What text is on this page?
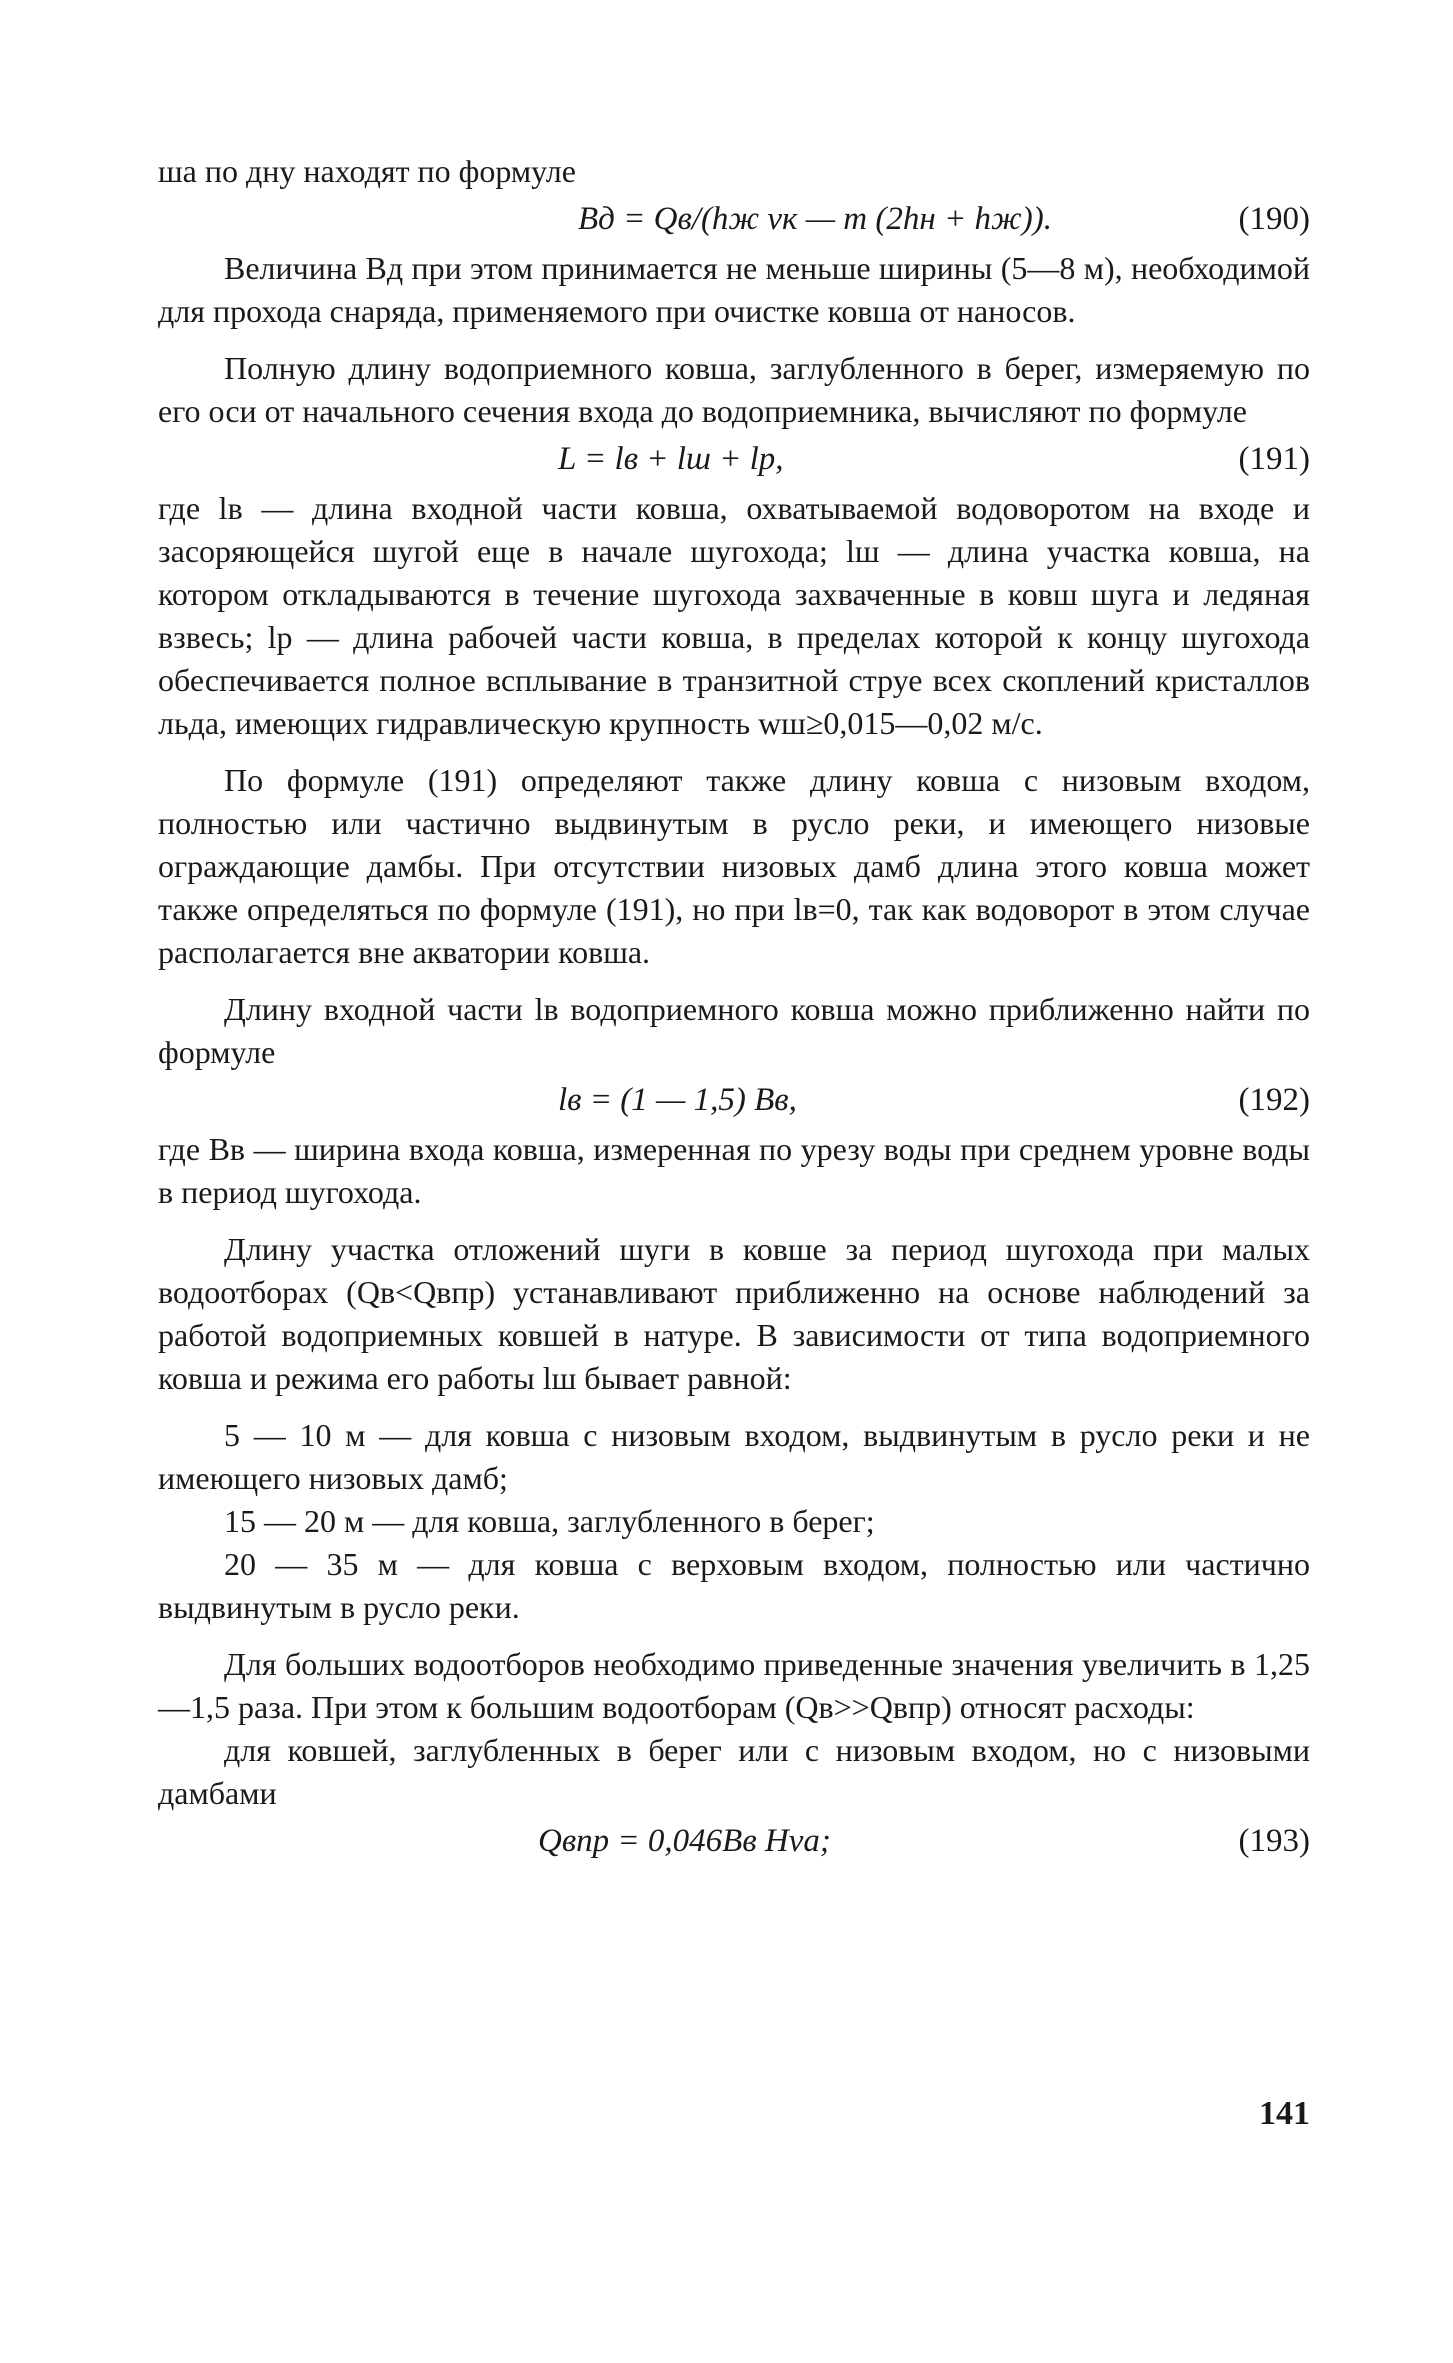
ша по дну находят по формуле

Bд = Qв/(hж vк — m (2hн + hж)).	(190)

Величина Bд при этом принимается не меньше ширины (5—8 м), необходимой для прохода снаряда, применяемого при очистке ковша от наносов.

Полную длину водоприемного ковша, заглубленного в берег, измеряемую по его оси от начального сечения входа до водоприемника, вычисляют по формуле

L = lв + lш + lр,	(191)

где lв — длина входной части ковша, охватываемой водоворотом на входе и засоряющейся шугой еще в начале шугохода; lш — длина участка ковша, на котором откладываются в течение шугохода захваченные в ковш шуга и ледяная взвесь; lр — длина рабочей части ковша, в пределах которой к концу шугохода обеспечивается полное всплывание в транзитной струе всех скоплений кристаллов льда, имеющих гидравлическую крупность wш≥0,015—0,02 м/с.

По формуле (191) определяют также длину ковша с низовым входом, полностью или частично выдвинутым в русло реки, и имеющего низовые ограждающие дамбы. При отсутствии низовых дамб длина этого ковша может также определяться по формуле (191), но при lв=0, так как водоворот в этом случае располагается вне акватории ковша.

Длину входной части lв водоприемного ковша можно приближенно найти по формуле

lв = (1 — 1,5) Bв,	(192)

где Bв — ширина входа ковша, измеренная по урезу воды при среднем уровне воды в период шугохода.

Длину участка отложений шуги в ковше за период шугохода при малых водоотборах (Qв<Qвпр) устанавливают приближенно на основе наблюдений за работой водоприемных ковшей в натуре. В зависимости от типа водоприемного ковша и режима его работы lш бывает равной:

5 — 10 м — для ковша с низовым входом, выдвинутым в русло реки и не имеющего низовых дамб;

15 — 20 м — для ковша, заглубленного в берег;

20 — 35 м — для ковша с верховым входом, полностью или частично выдвинутым в русло реки.

Для больших водоотборов необходимо приведенные значения увеличить в 1,25—1,5 раза. При этом к большим водоотборам (Qв>>Qвпр) относят расходы:

для ковшей, заглубленных в берег или с низовым входом, но с низовыми дамбами

Qвпр = 0,046Bв Hvа;	(193)
141
